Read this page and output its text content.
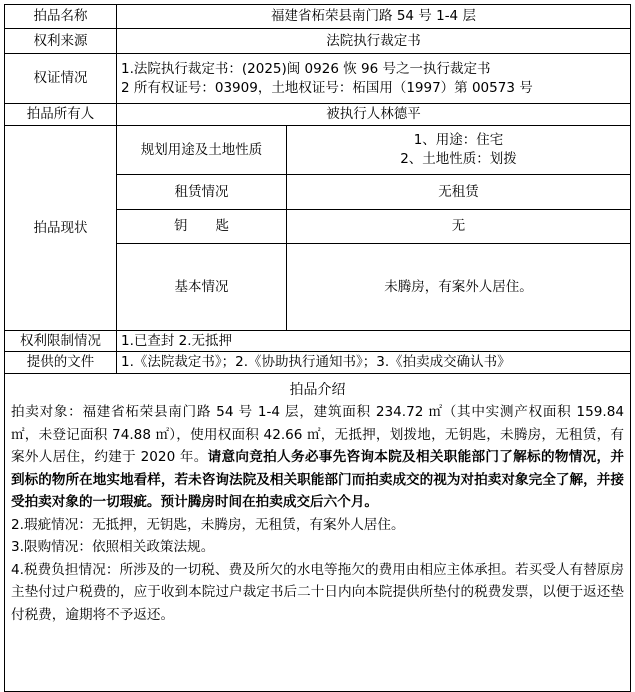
拍品名称	福建省柘荣县南门路 54 号 1-4 层	
权利来源	法院执行裁定书	
权证情况	1.法院执行裁定书：(2025)闽 0926 恢 96 号之一执行裁定书
2 所有权证号：03909，土地权证号：柘国用（1997）第 00573 号	

拍品所有人	被执行人林德平	
拍品现状	规划用途及土地性质	1、用途：住宅
2、土地性质：划拨

	租赁情况	无租赁
	钥匙	无
	基本情况	未腾房，有案外人居住。
权利限制情况	1.已查封 2.无抵押	
提供的文件	1.《法院裁定书》；2.《协助执行通知书》；3.《拍卖成交确认书》	

拍品介绍

拍卖对象：福建省柘荣县南门路 54 号 1-4 层，建筑面积 234.72 ㎡（其中实测产权面积 159.84 ㎡，未登记面积 74.88 ㎡），使用权面积 42.66 ㎡，无抵押，划拨地，无钥匙，未腾房，无租赁，有案外人居住，约建于 2020 年。请意向竞拍人务必事先咨询本院及相关职能部门了解标的物情况，并到标的物所在地实地看样，若未咨询法院及相关职能部门而拍卖成交的视为对拍卖对象完全了解，并接受拍卖对象的一切瑕疵。预计腾房时间在拍卖成交后六个月。

2.瑕疵情况：无抵押，无钥匙，未腾房，无租赁，有案外人居住。

3.限购情况：依照相关政策法规。

4.税费负担情况：所涉及的一切税、费及所欠的水电等拖欠的费用由相应主体承担。若买受人有替原房主垫付过户税费的，应于收到本院过户裁定书后二十日内向本院提供所垫付的税费发票，以便于返还垫付税费，逾期将不予返还。		
